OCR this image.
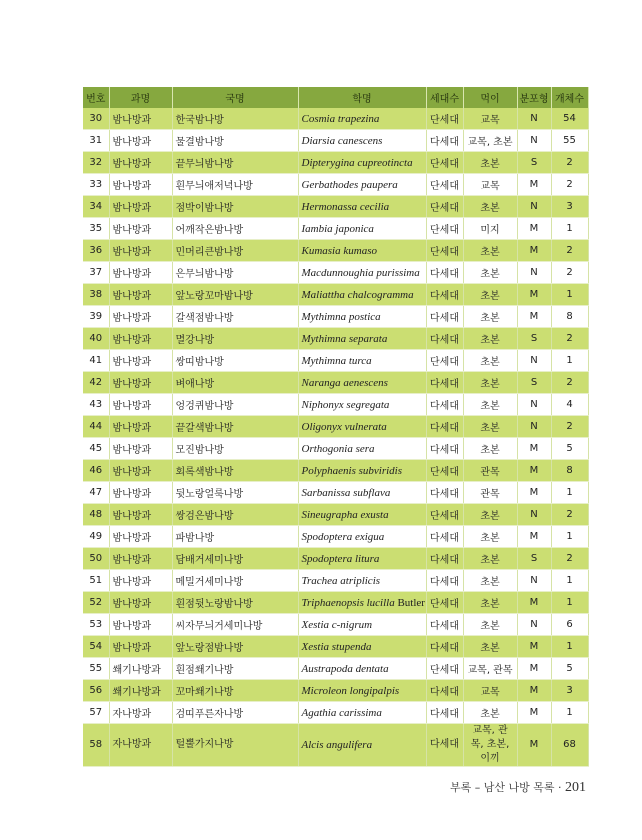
번호	과명	국명	학명	세대수	먹이	분포형	개체수
30	밤나방과	한국밤나방	Cosmia trapezina	단세대	교목	N	54
31	밤나방과	물결밤나방	Diarsia canescens	다세대	교목, 초본	N	55
32	밤나방과	끝무늬밤나방	Dipterygina cupreotincta	단세대	초본	S	2
33	밤나방과	흰무늬애저녁나방	Gerbathodes paupera	단세대	교목	M	2
34	밤나방과	점박이밤나방	Hermonassa cecilia	단세대	초본	N	3
35	밤나방과	어깨작은밤나방	Iambia japonica	단세대	미지	M	1
36	밤나방과	민머리큰밤나방	Kumasia kumaso	단세대	초본	M	2
37	밤나방과	은무늬밤나방	Macdunnoughia purissima	다세대	초본	N	2
38	밤나방과	앞노랑꼬마밤나방	Maliattha chalcogramma	다세대	초본	M	1
39	밤나방과	갈색점밤나방	Mythimna postica	다세대	초본	M	8
40	밤나방과	멸강나방	Mythimna separata	다세대	초본	S	2
41	밤나방과	쌍띠밤나방	Mythimna turca	단세대	초본	N	1
42	밤나방과	벼애나방	Naranga aenescens	다세대	초본	S	2
43	밤나방과	엉겅퀴밤나방	Niphonyx segregata	다세대	초본	N	4
44	밤나방과	끝갈색밤나방	Oligonyx vulnerata	다세대	초본	N	2
45	밤나방과	모진밤나방	Orthogonia sera	다세대	초본	M	5
46	밤나방과	회록색밤나방	Polyphaenis subviridis	단세대	관목	M	8
47	밤나방과	뒷노랑얼룩나방	Sarbanissa subflava	다세대	관목	M	1
48	밤나방과	쌍검은밤나방	Sineugrapha exusta	단세대	초본	N	2
49	밤나방과	파밤나방	Spodoptera exigua	다세대	초본	M	1
50	밤나방과	담배거세미나방	Spodoptera litura	다세대	초본	S	2
51	밤나방과	메밀거세미나방	Trachea atriplicis	다세대	초본	N	1
52	밤나방과	흰점뒷노랑밤나방	Triphaenopsis lucilla Butler	단세대	초본	M	1
53	밤나방과	씨자무늬거세미나방	Xestia c-nigrum	다세대	초본	N	6
54	밤나방과	앞노랑점밤나방	Xestia stupenda	다세대	초본	M	1
55	쐐기나방과	흰점쐐기나방	Austrapoda dentata	단세대	교목, 관목	M	5
56	쐐기나방과	꼬마쐐기나방	Microleon longipalpis	다세대	교목	M	3
57	자나방과	검띠푸른자나방	Agathia carissima	다세대	초본	M	1
58	자나방과	털뿔가지나방	Alcis angulifera	다세대	교목, 관목, 초본, 이끼	M	68
부록 – 남산 나방 목록 · 201
